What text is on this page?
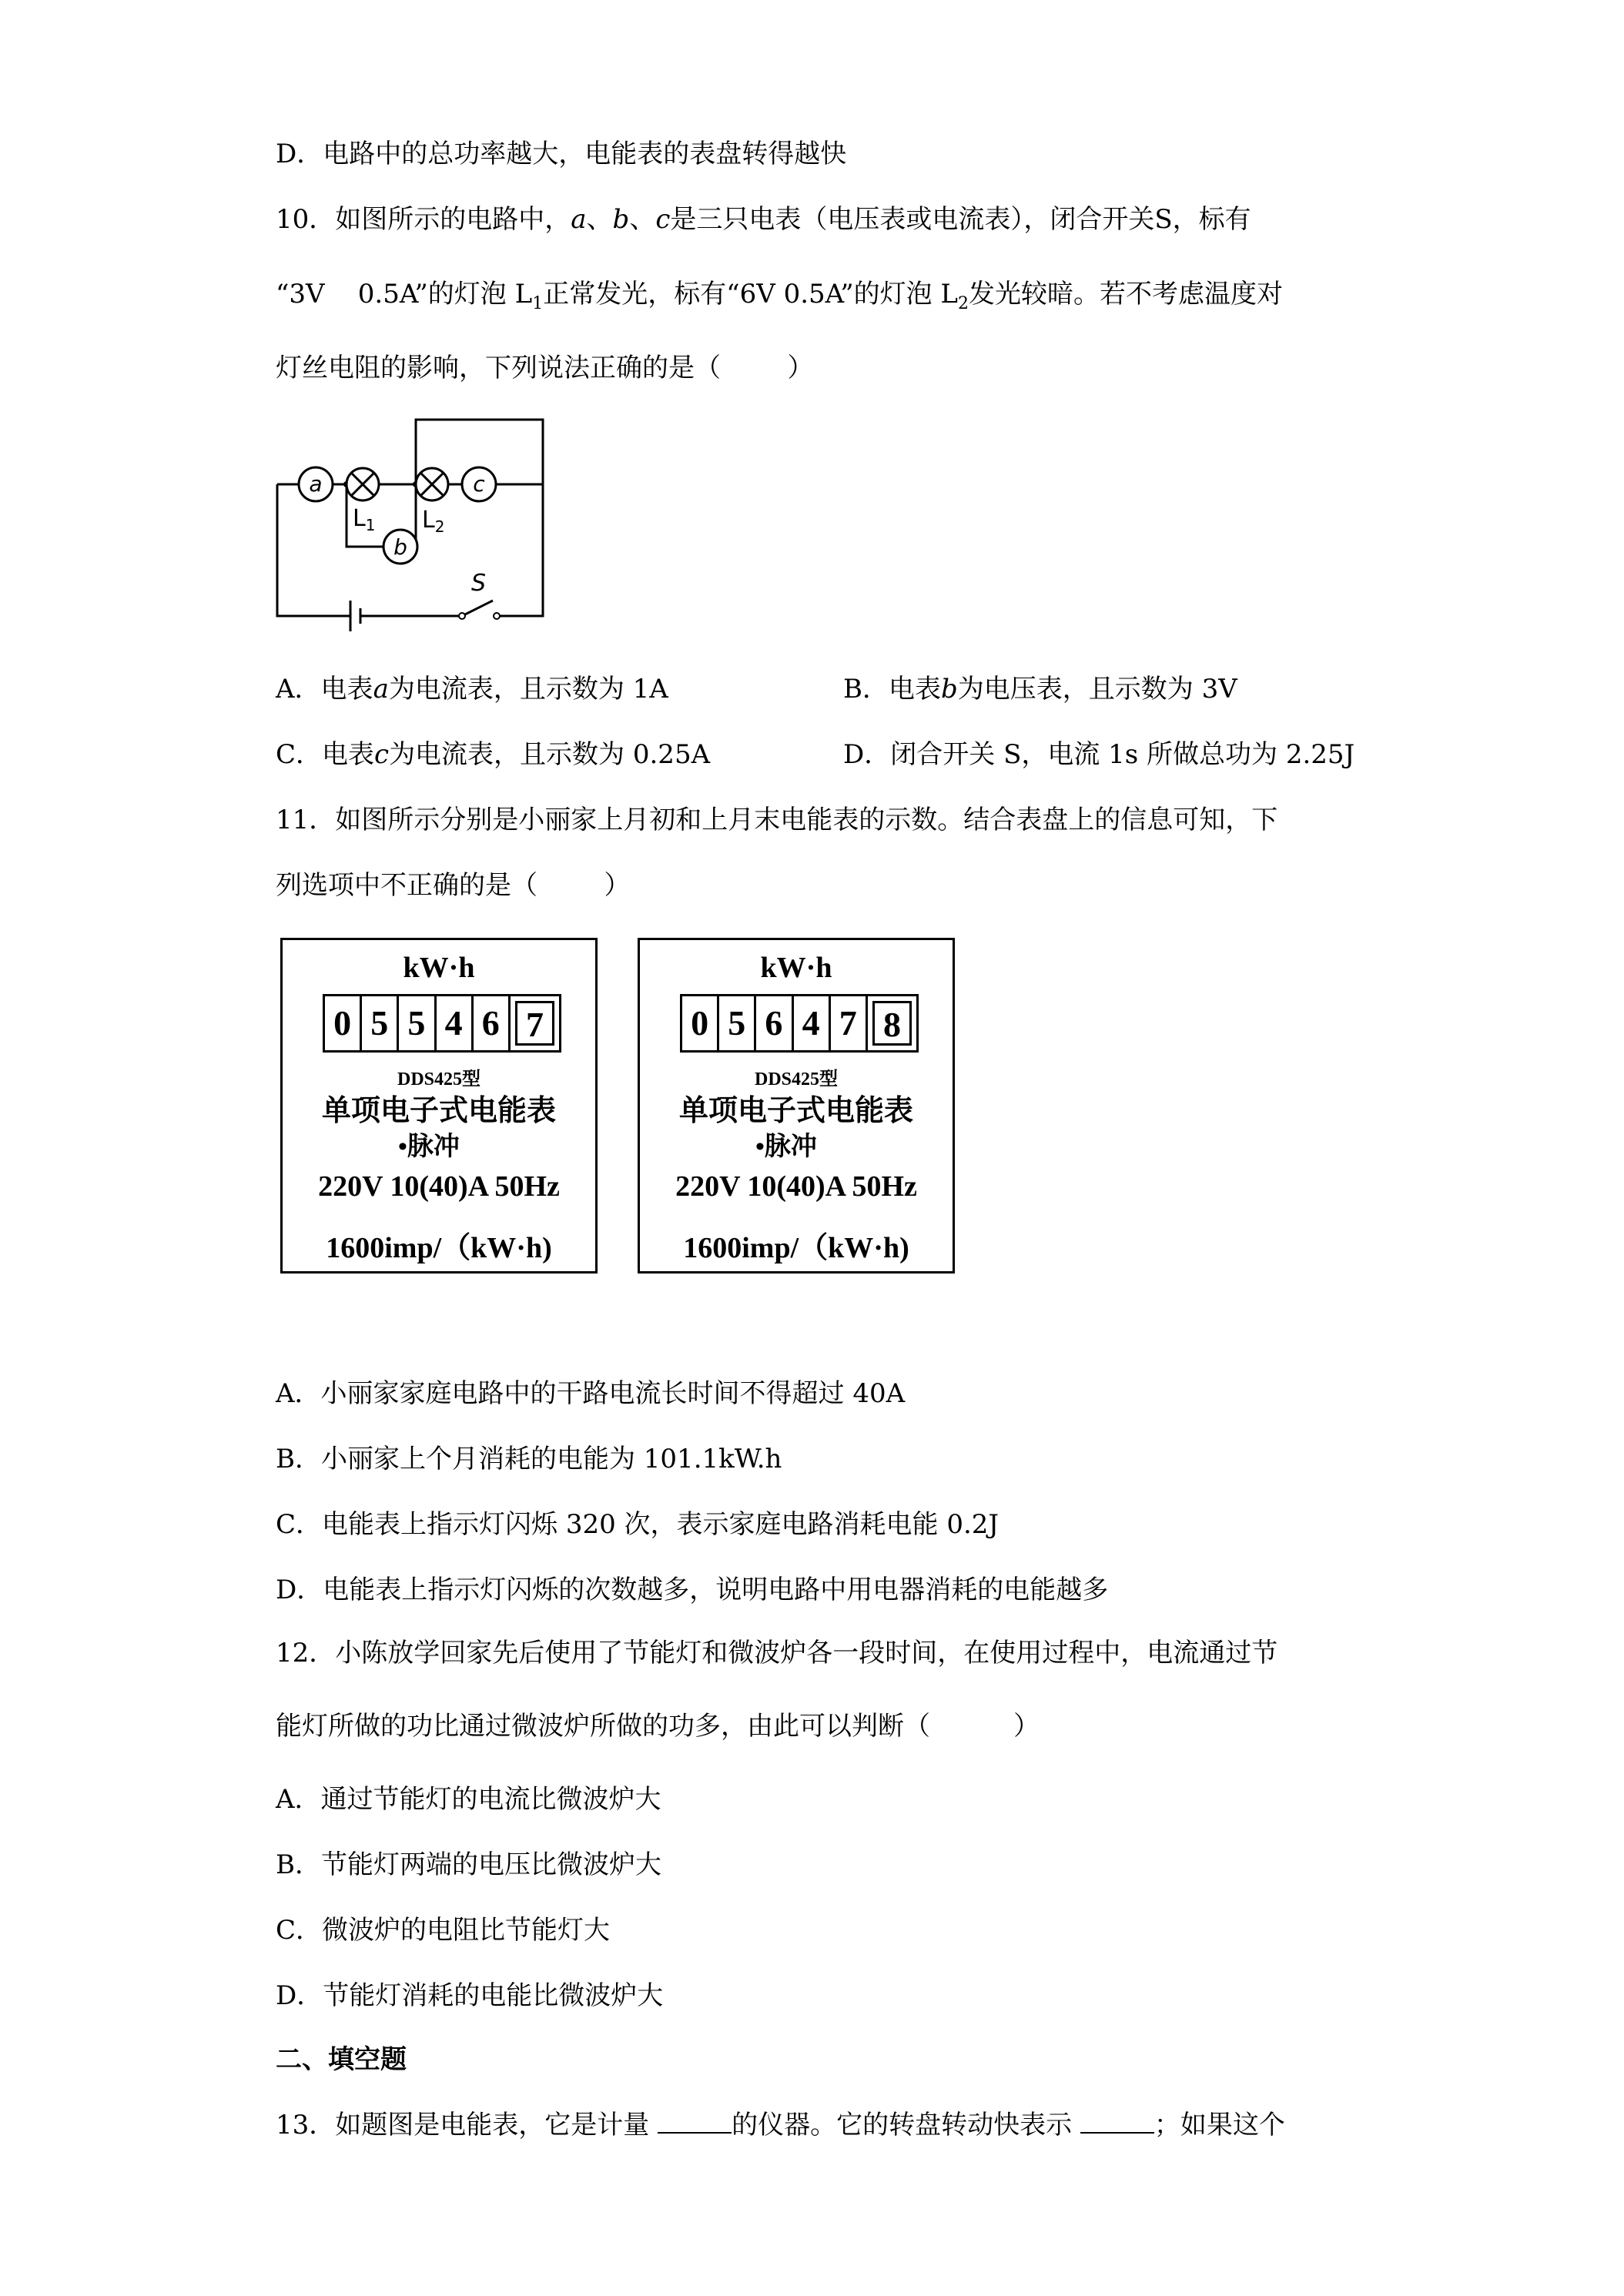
D．电路中的总功率越大，电能表的表盘转得越快
10．如图所示的电路中，a、b、c是三只电表（电压表或电流表），闭合开关S，标有
“3V    0.5A”的灯泡 $L_1$正常发光，标有“6V 0.5A”的灯泡 $L_2$发光较暗。若不考虑温度对
灯丝电阻的影响，下列说法正确的是（        ）
a	c
b
$L_1$ $L_2$
S
A．电表a为电流表，且示数为 1A	B．电表b为电压表，且示数为 3V
C．电表c为电流表，且示数为 0.25A	D．闭合开关 S，电流 1s 所做总功为 2.25J
11．如图所示分别是小丽家上月初和上月末电能表的示数。结合表盘上的信息可知，下
列选项中不正确的是（        ）
kW·h
0 5 5 4 6 7
DDS425型
单项电子式电能表
•脉冲
220V 10(40)A 50Hz
1600imp/（kW·h)
kW·h
0 5 6 4 7 8
DDS425型
单项电子式电能表
•脉冲
220V 10(40)A 50Hz
1600imp/（kW·h)
A．小丽家家庭电路中的干路电流长时间不得超过 40A
B．小丽家上个月消耗的电能为 101.1kW.h
C．电能表上指示灯闪烁 320 次，表示家庭电路消耗电能 0.2J
D．电能表上指示灯闪烁的次数越多，说明电路中用电器消耗的电能越多
12．小陈放学回家先后使用了节能灯和微波炉各一段时间，在使用过程中，电流通过节
能灯所做的功比通过微波炉所做的功多，由此可以判断（          ）
A．通过节能灯的电流比微波炉大
B．节能灯两端的电压比微波炉大
C．微波炉的电阻比节能灯大
D．节能灯消耗的电能比微波炉大
二、填空题
13．如题图是电能表，它是计量	的仪器。它的转盘转动快表示	；如果这个
